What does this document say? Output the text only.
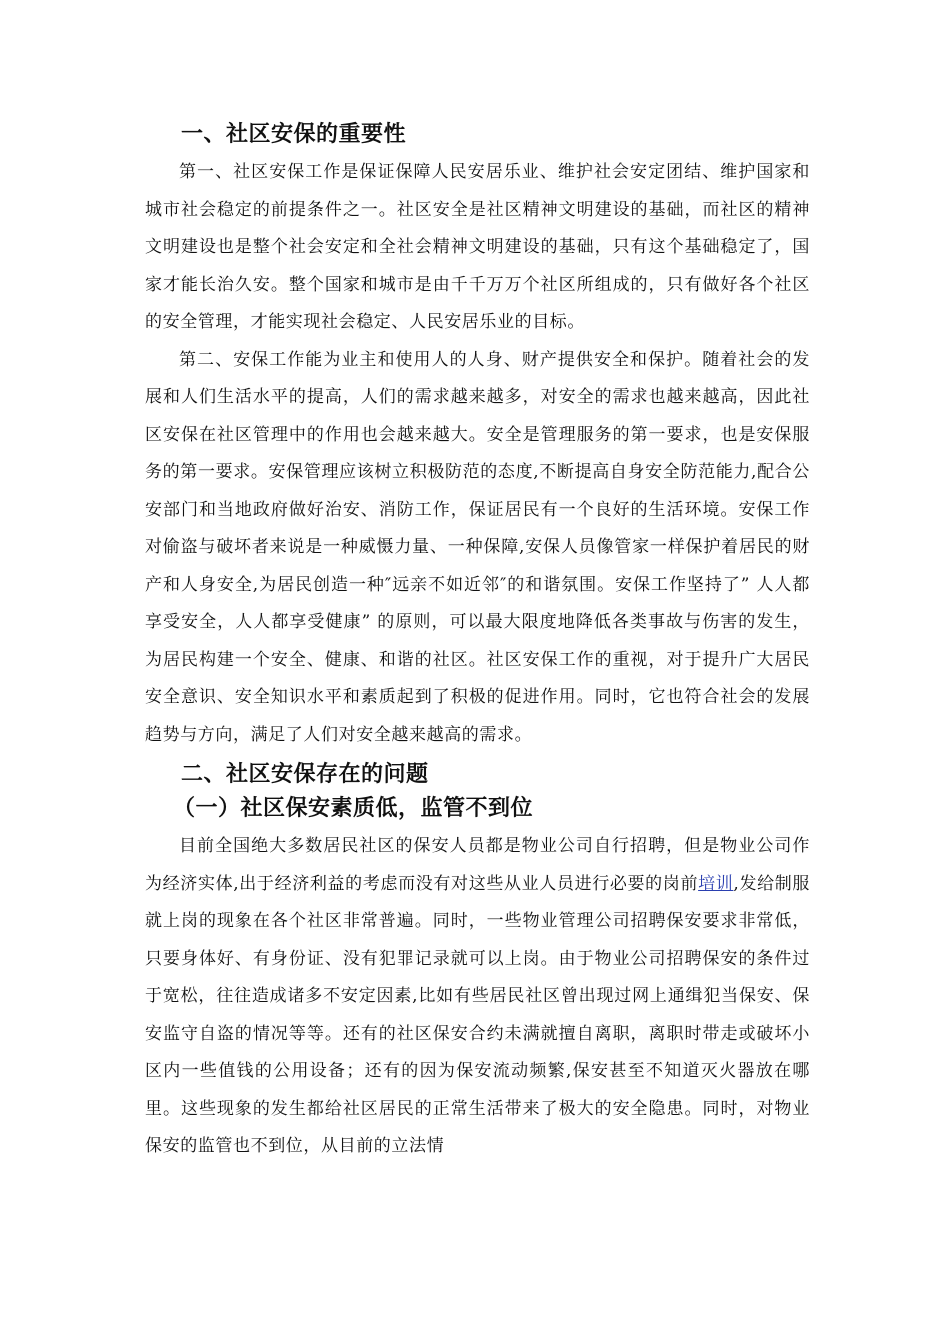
一、社区安保的重要性

第一、社区安保工作是保证保障人民安居乐业、维护社会安定团结、维护国家和城市社会稳定的前提条件之一。社区安全是社区精神文明建设的基础，而社区的精神文明建设也是整个社会安定和全社会精神文明建设的基础，只有这个基础稳定了，国家才能长治久安。整个国家和城市是由千千万万个社区所组成的，只有做好各个社区的安全管理，才能实现社会稳定、人民安居乐业的目标。

第二、安保工作能为业主和使用人的人身、财产提供安全和保护。随着社会的发展和人们生活水平的提高，人们的需求越来越多，对安全的需求也越来越高，因此社区安保在社区管理中的作用也会越来越大。安全是管理服务的第一要求，也是安保服务的第一要求。安保管理应该树立积极防范的态度,不断提高自身安全防范能力,配合公安部门和当地政府做好治安、消防工作，保证居民有一个良好的生活环境。安保工作对偷盗与破坏者来说是一种威慑力量、一种保障,安保人员像管家一样保护着居民的财产和人身安全,为居民创造一种″远亲不如近邻″的和谐氛围。安保工作坚持了” 人人都享受安全，人人都享受健康” 的原则，可以最大限度地降低各类事故与伤害的发生，为居民构建一个安全、健康、和谐的社区。社区安保工作的重视，对于提升广大居民安全意识、安全知识水平和素质起到了积极的促进作用。同时，它也符合社会的发展趋势与方向，满足了人们对安全越来越高的需求。

二、社区安保存在的问题
（一）社区保安素质低，监管不到位

目前全国绝大多数居民社区的保安人员都是物业公司自行招聘，但是物业公司作为经济实体,出于经济利益的考虑而没有对这些从业人员进行必要的岗前培训,发给制服就上岗的现象在各个社区非常普遍。同时，一些物业管理公司招聘保安要求非常低，只要身体好、有身份证、没有犯罪记录就可以上岗。由于物业公司招聘保安的条件过于宽松，往往造成诸多不安定因素,比如有些居民社区曾出现过网上通缉犯当保安、保安监守自盗的情况等等。还有的社区保安合约未满就擅自离职，离职时带走或破坏小区内一些值钱的公用设备；还有的因为保安流动频繁,保安甚至不知道灭火器放在哪里。这些现象的发生都给社区居民的正常生活带来了极大的安全隐患。同时，对物业保安的监管也不到位，从目前的立法情
